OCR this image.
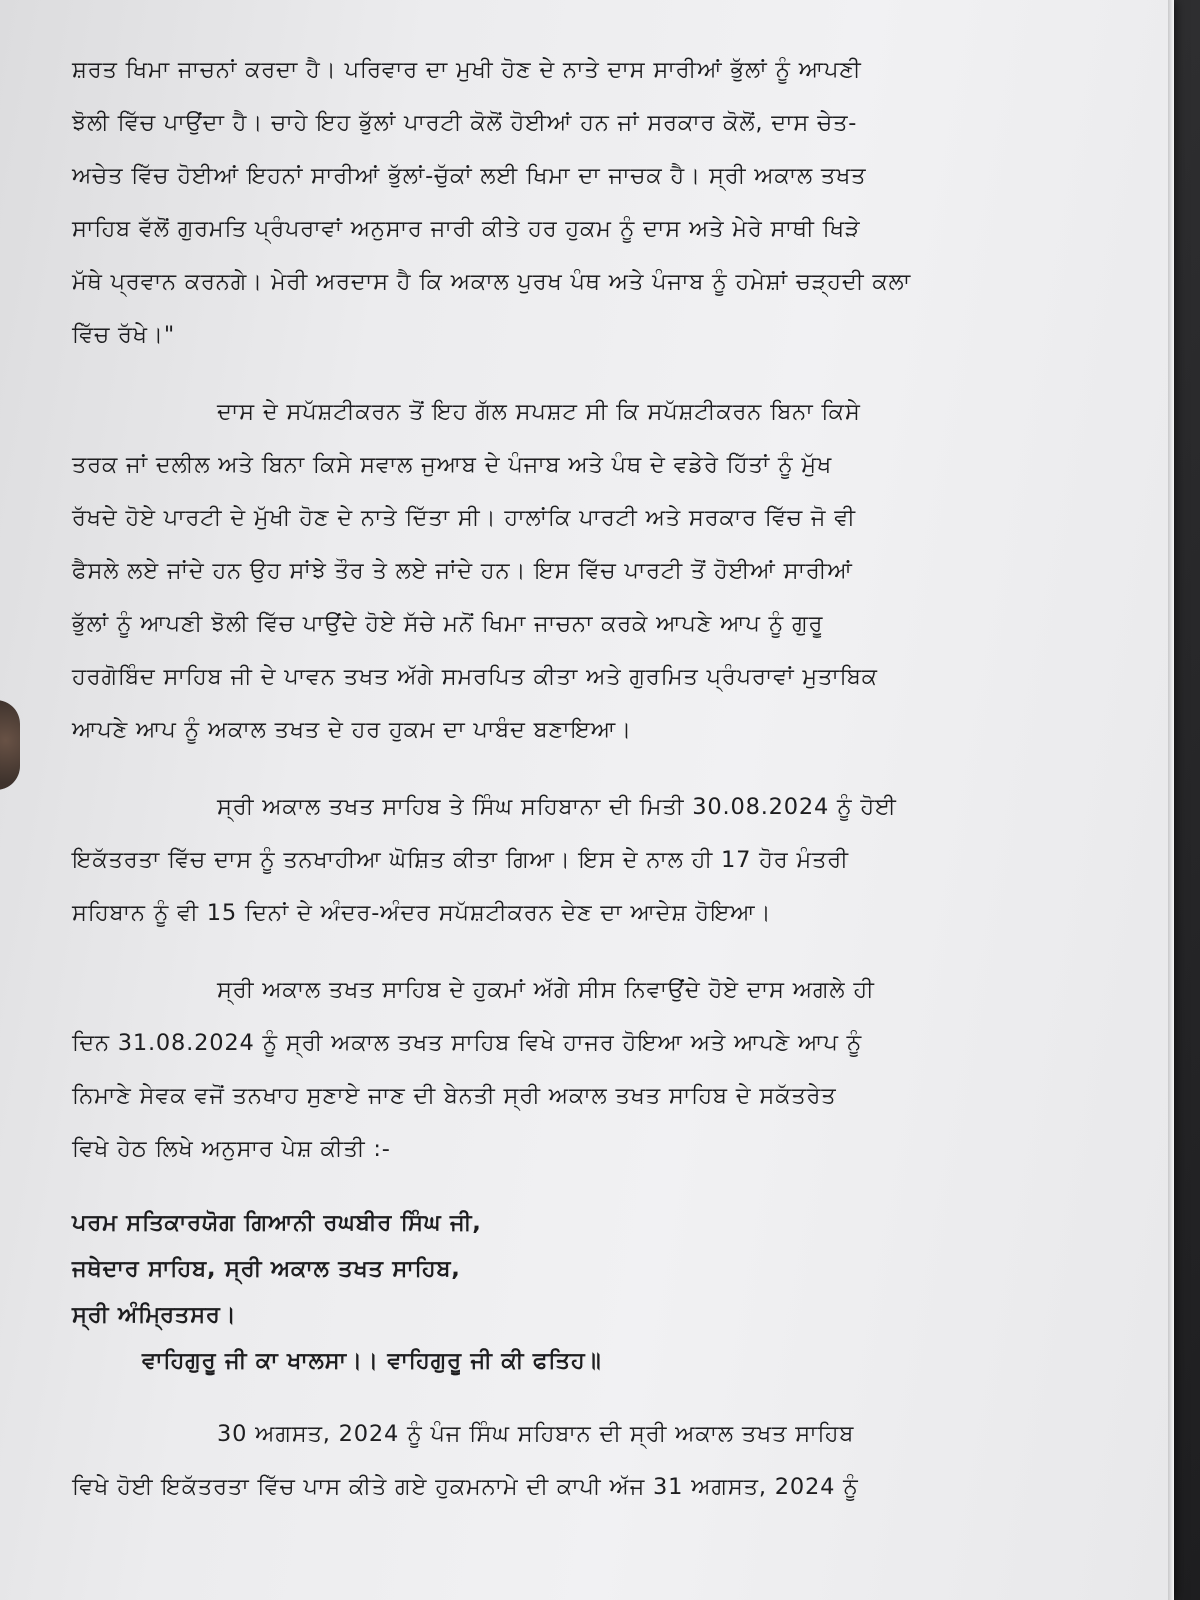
ਸ਼ਰਤ ਖਿਮਾ ਜਾਚਨਾਂ ਕਰਦਾ ਹੈ। ਪਰਿਵਾਰ ਦਾ ਮੁਖੀ ਹੋਣ ਦੇ ਨਾਤੇ ਦਾਸ ਸਾਰੀਆਂ ਭੁੱਲਾਂ ਨੂੰ ਆਪਣੀ
ਝੋਲੀ ਵਿੱਚ ਪਾਉਂਦਾ ਹੈ। ਚਾਹੇ ਇਹ ਭੁੱਲਾਂ ਪਾਰਟੀ ਕੋਲੋਂ ਹੋਈਆਂ ਹਨ ਜਾਂ ਸਰਕਾਰ ਕੋਲੋਂ, ਦਾਸ ਚੇਤ-
ਅਚੇਤ ਵਿੱਚ ਹੋਈਆਂ ਇਹਨਾਂ ਸਾਰੀਆਂ ਭੁੱਲਾਂ-ਚੁੱਕਾਂ ਲਈ ਖਿਮਾ ਦਾ ਜਾਚਕ ਹੈ। ਸ੍ਰੀ ਅਕਾਲ ਤਖਤ
ਸਾਹਿਬ ਵੱਲੋਂ ਗੁਰਮਤਿ ਪ੍ਰੰਪਰਾਵਾਂ ਅਨੁਸਾਰ ਜਾਰੀ ਕੀਤੇ ਹਰ ਹੁਕਮ ਨੂੰ ਦਾਸ ਅਤੇ ਮੇਰੇ ਸਾਥੀ ਖਿੜੇ
ਮੱਥੇ ਪ੍ਰਵਾਨ ਕਰਨਗੇ। ਮੇਰੀ ਅਰਦਾਸ ਹੈ ਕਿ ਅਕਾਲ ਪੁਰਖ ਪੰਥ ਅਤੇ ਪੰਜਾਬ ਨੂੰ ਹਮੇਸ਼ਾਂ ਚੜ੍ਹਦੀ ਕਲਾ
ਵਿੱਚ ਰੱਖੇ।"
ਦਾਸ ਦੇ ਸਪੱਸ਼ਟੀਕਰਨ ਤੋਂ ਇਹ ਗੱਲ ਸਪਸ਼ਟ ਸੀ ਕਿ ਸਪੱਸ਼ਟੀਕਰਨ ਬਿਨਾ ਕਿਸੇ
ਤਰਕ ਜਾਂ ਦਲੀਲ ਅਤੇ ਬਿਨਾ ਕਿਸੇ ਸਵਾਲ ਜੁਆਬ ਦੇ ਪੰਜਾਬ ਅਤੇ ਪੰਥ ਦੇ ਵਡੇਰੇ ਹਿੱਤਾਂ ਨੂੰ ਮੁੱਖ
ਰੱਖਦੇ ਹੋਏ ਪਾਰਟੀ ਦੇ ਮੁੱਖੀ ਹੋਣ ਦੇ ਨਾਤੇ ਦਿੱਤਾ ਸੀ। ਹਾਲਾਂਕਿ ਪਾਰਟੀ ਅਤੇ ਸਰਕਾਰ ਵਿੱਚ ਜੋ ਵੀ
ਫੈਸਲੇ ਲਏ ਜਾਂਦੇ ਹਨ ਉਹ ਸਾਂਝੇ ਤੌਰ ਤੇ ਲਏ ਜਾਂਦੇ ਹਨ। ਇਸ ਵਿੱਚ ਪਾਰਟੀ ਤੋਂ ਹੋਈਆਂ ਸਾਰੀਆਂ
ਭੁੱਲਾਂ ਨੂੰ ਆਪਣੀ ਝੋਲੀ ਵਿੱਚ ਪਾਉਂਦੇ ਹੋਏ ਸੱਚੇ ਮਨੋਂ ਖਿਮਾ ਜਾਚਨਾ ਕਰਕੇ ਆਪਣੇ ਆਪ ਨੂੰ ਗੁਰੂ
ਹਰਗੋਬਿੰਦ ਸਾਹਿਬ ਜੀ ਦੇ ਪਾਵਨ ਤਖਤ ਅੱਗੇ ਸਮਰਪਿਤ ਕੀਤਾ ਅਤੇ ਗੁਰਮਿਤ ਪ੍ਰੰਪਰਾਵਾਂ ਮੁਤਾਬਿਕ
ਆਪਣੇ ਆਪ ਨੂੰ ਅਕਾਲ ਤਖਤ ਦੇ ਹਰ ਹੁਕਮ ਦਾ ਪਾਬੰਦ ਬਣਾਇਆ।
ਸ੍ਰੀ ਅਕਾਲ ਤਖਤ ਸਾਹਿਬ ਤੇ ਸਿੰਘ ਸਹਿਬਾਨਾ ਦੀ ਮਿਤੀ 30.08.2024 ਨੂੰ ਹੋਈ
ਇਕੱਤਰਤਾ ਵਿੱਚ ਦਾਸ ਨੂੰ ਤਨਖਾਹੀਆ ਘੋਸ਼ਿਤ ਕੀਤਾ ਗਿਆ। ਇਸ ਦੇ ਨਾਲ ਹੀ 17 ਹੋਰ ਮੰਤਰੀ
ਸਹਿਬਾਨ ਨੂੰ ਵੀ 15 ਦਿਨਾਂ ਦੇ ਅੰਦਰ-ਅੰਦਰ ਸਪੱਸ਼ਟੀਕਰਨ ਦੇਣ ਦਾ ਆਦੇਸ਼ ਹੋਇਆ।
ਸ੍ਰੀ ਅਕਾਲ ਤਖਤ ਸਾਹਿਬ ਦੇ ਹੁਕਮਾਂ ਅੱਗੇ ਸੀਸ ਨਿਵਾਉਂਦੇ ਹੋਏ ਦਾਸ ਅਗਲੇ ਹੀ
ਦਿਨ 31.08.2024 ਨੂੰ ਸ੍ਰੀ ਅਕਾਲ ਤਖਤ ਸਾਹਿਬ ਵਿਖੇ ਹਾਜਰ ਹੋਇਆ ਅਤੇ ਆਪਣੇ ਆਪ ਨੂੰ
ਨਿਮਾਣੇ ਸੇਵਕ ਵਜੋਂ ਤਨਖਾਹ ਸੁਣਾਏ ਜਾਣ ਦੀ ਬੇਨਤੀ ਸ੍ਰੀ ਅਕਾਲ ਤਖਤ ਸਾਹਿਬ ਦੇ ਸਕੱਤਰੇਤ
ਵਿਖੇ ਹੇਠ ਲਿਖੇ ਅਨੁਸਾਰ ਪੇਸ਼ ਕੀਤੀ :-
ਪਰਮ ਸਤਿਕਾਰਯੋਗ ਗਿਆਨੀ ਰਘਬੀਰ ਸਿੰਘ ਜੀ,
ਜਥੇਦਾਰ ਸਾਹਿਬ, ਸ੍ਰੀ ਅਕਾਲ ਤਖਤ ਸਾਹਿਬ,
ਸ੍ਰੀ ਅੰਮ੍ਰਿਤਸਰ।
ਵਾਹਿਗੁਰੂ ਜੀ ਕਾ ਖਾਲਸਾ।। ਵਾਹਿਗੁਰੂ ਜੀ ਕੀ ਫਤਿਹ॥
30 ਅਗਸਤ, 2024 ਨੂੰ ਪੰਜ ਸਿੰਘ ਸਹਿਬਾਨ ਦੀ ਸ੍ਰੀ ਅਕਾਲ ਤਖਤ ਸਾਹਿਬ
ਵਿਖੇ ਹੋਈ ਇਕੱਤਰਤਾ ਵਿੱਚ ਪਾਸ ਕੀਤੇ ਗਏ ਹੁਕਮਨਾਮੇ ਦੀ ਕਾਪੀ ਅੱਜ 31 ਅਗਸਤ, 2024 ਨੂੰ
